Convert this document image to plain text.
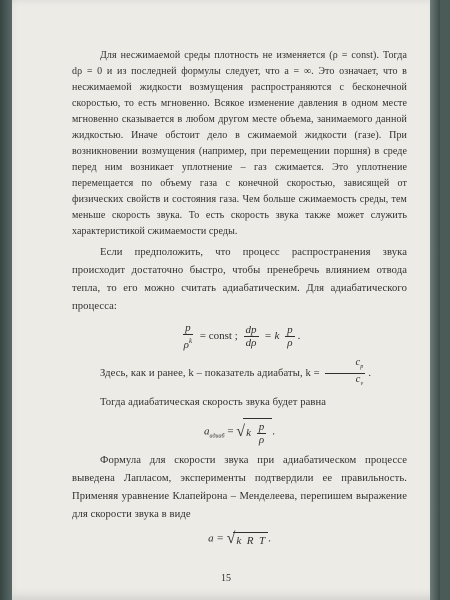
Для несжимаемой среды плотность не изменяется (ρ = const). Тогда dρ = 0 и из последней формулы следует, что a = ∞. Это означает, что в несжимаемой жидкости возмущения распространяются с бесконечной скоростью, то есть мгновенно. Всякое изменение давления в одном месте мгновенно сказывается в любом другом месте объема, занимаемого данной жидкостью. Иначе обстоит дело в сжимаемой жидкости (газе). При возникновении возмущения (например, при перемещении поршня) в среде перед ним возникает уплотнение – газ сжимается. Это уплотнение перемещается по объему газа с конечной скоростью, зависящей от физических свойств и состояния газа. Чем больше сжимаемость среды, тем меньше скорость звука. То есть скорость звука также может служить характеристикой сжимаемости среды.

Если предположить, что процесс распространения звука происходит достаточно быстро, чтобы пренебречь влиянием отвода тепла, то его можно считать адиабатическим. Для адиабатического процесса:

$\frac{p}{\rho^k}$ = const ; $\frac{dp}{d\rho} = k \frac{p}{\rho}$ .

Здесь, как и ранее, k – показатель адиабаты, $k = \frac{c_p}{c_v}$ .

Тогда адиабатическая скорость звука будет равна

$a_{адиаб} = √k \frac{p}{\rho}$ .

Формула для скорости звука при адиабатическом процессе выведена Лапласом, эксперименты подтвердили ее правильность. Применяя уравнение Клапейрона – Менделеева, перепишем выражение для скорости звука в виде

a = √k  R  T .
15
